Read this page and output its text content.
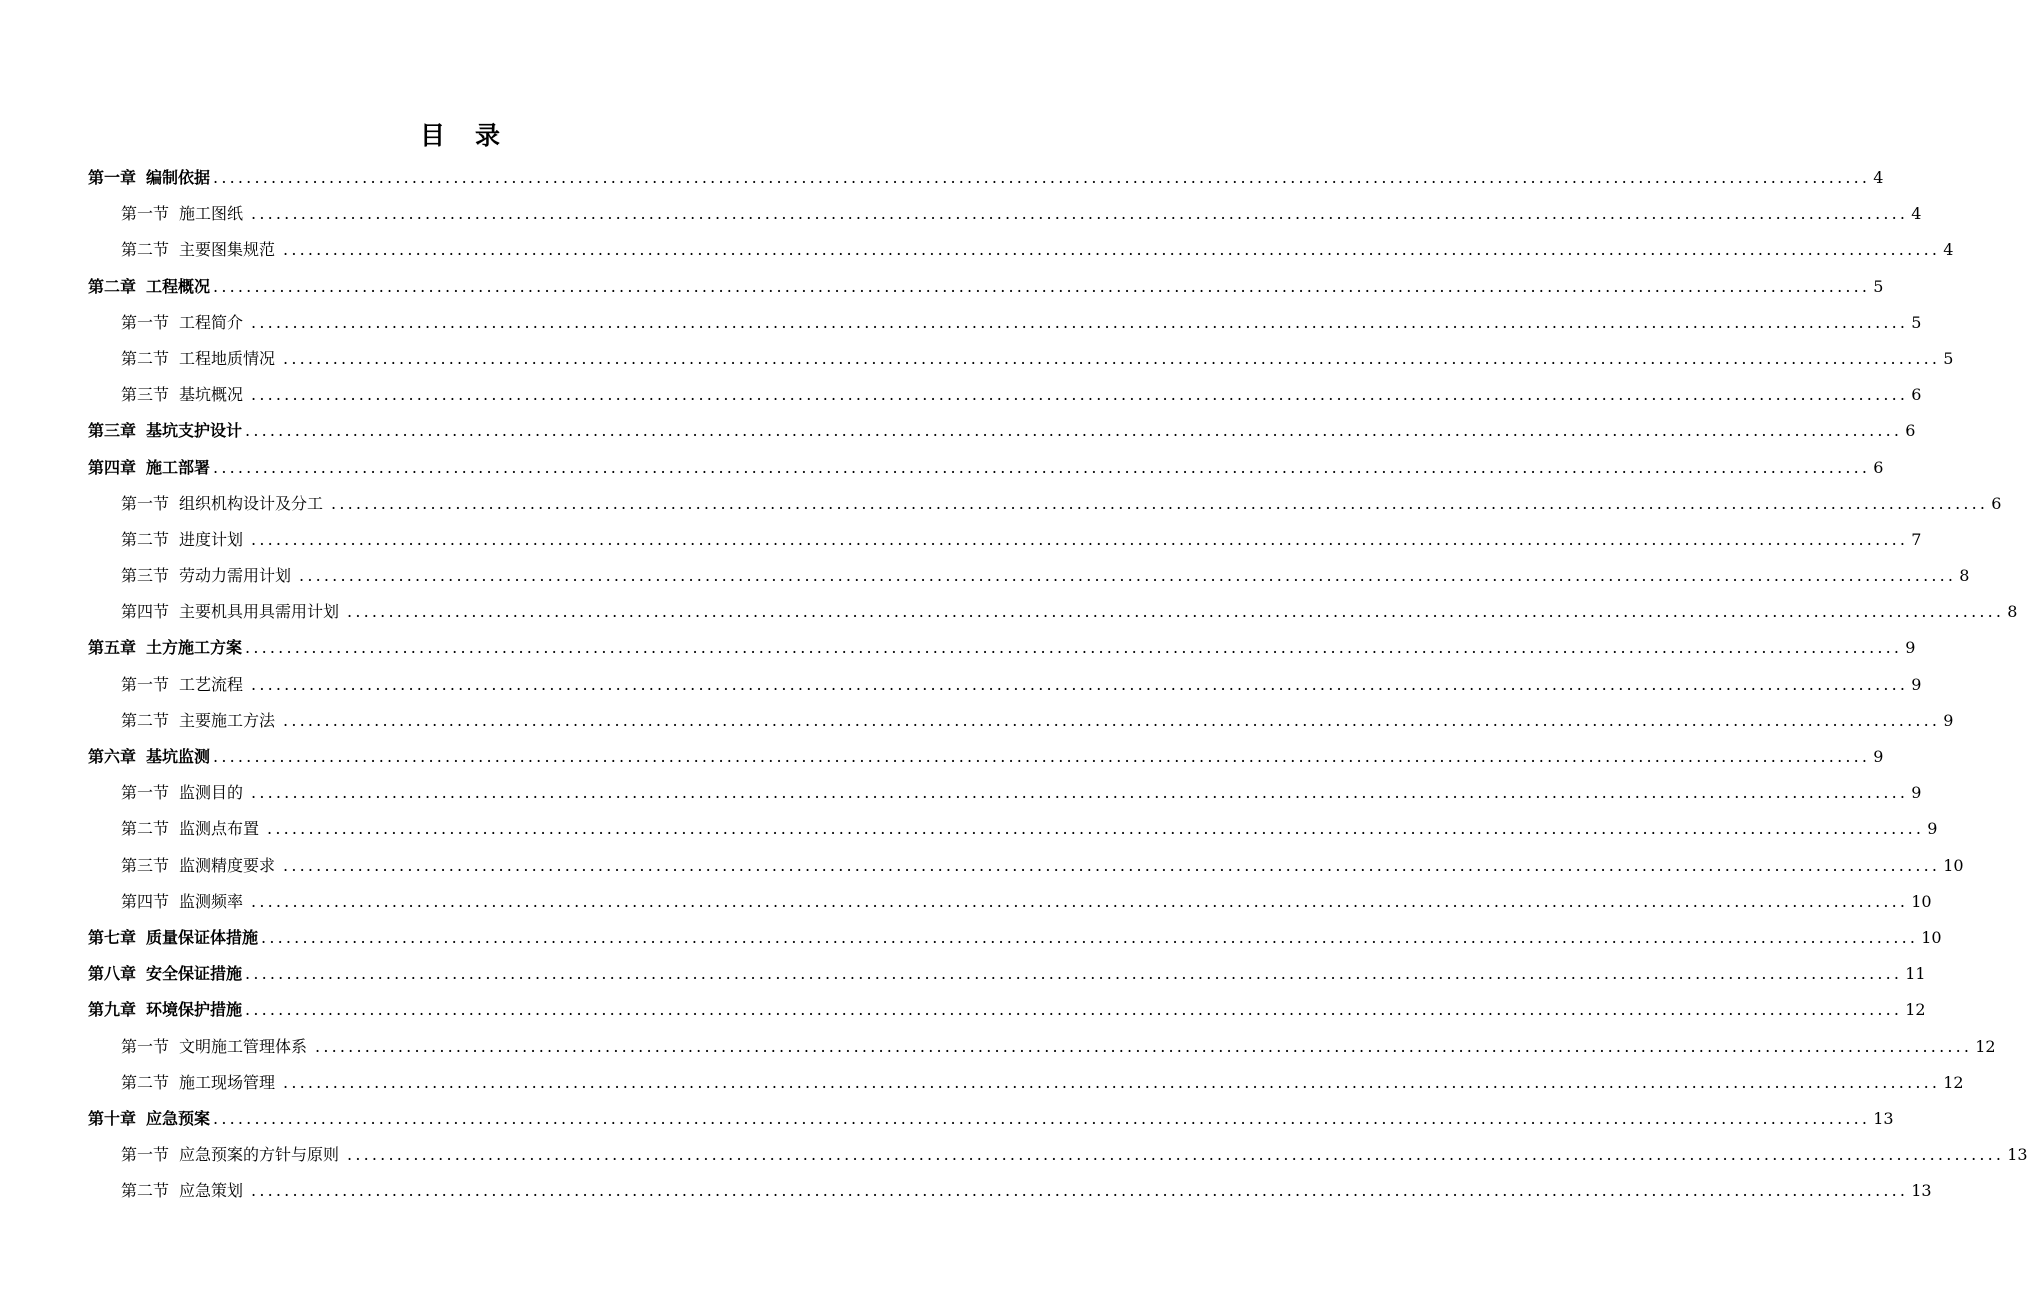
目 录
第一章 编制依据 ........................................................................................................................................................................................................ 4
第一节 施工图纸 ........................................................................................................................................................................................................ 4
第二节 主要图集规范 ........................................................................................................................................................................................................ 4
第二章 工程概况 ........................................................................................................................................................................................................ 5
第一节 工程简介 ........................................................................................................................................................................................................ 5
第二节 工程地质情况 ........................................................................................................................................................................................................ 5
第三节 基坑概况 ........................................................................................................................................................................................................ 6
第三章 基坑支护设计 ........................................................................................................................................................................................................ 6
第四章 施工部署 ........................................................................................................................................................................................................ 6
第一节 组织机构设计及分工 ........................................................................................................................................................................................................ 6
第二节 进度计划 ........................................................................................................................................................................................................ 7
第三节 劳动力需用计划 ........................................................................................................................................................................................................ 8
第四节 主要机具用具需用计划 ........................................................................................................................................................................................................ 8
第五章 土方施工方案 ........................................................................................................................................................................................................ 9
第一节 工艺流程 ........................................................................................................................................................................................................ 9
第二节 主要施工方法 ........................................................................................................................................................................................................ 9
第六章 基坑监测 ........................................................................................................................................................................................................ 9
第一节 监测目的 ........................................................................................................................................................................................................ 9
第二节 监测点布置 ........................................................................................................................................................................................................ 9
第三节 监测精度要求 ........................................................................................................................................................................................................ 10
第四节 监测频率 ........................................................................................................................................................................................................ 10
第七章 质量保证体措施 ........................................................................................................................................................................................................ 10
第八章 安全保证措施 ........................................................................................................................................................................................................ 11
第九章 环境保护措施 ........................................................................................................................................................................................................ 12
第一节 文明施工管理体系 ........................................................................................................................................................................................................ 12
第二节 施工现场管理 ........................................................................................................................................................................................................ 12
第十章 应急预案 ........................................................................................................................................................................................................ 13
第一节 应急预案的方针与原则 ........................................................................................................................................................................................................ 13
第二节 应急策划 ........................................................................................................................................................................................................ 13
